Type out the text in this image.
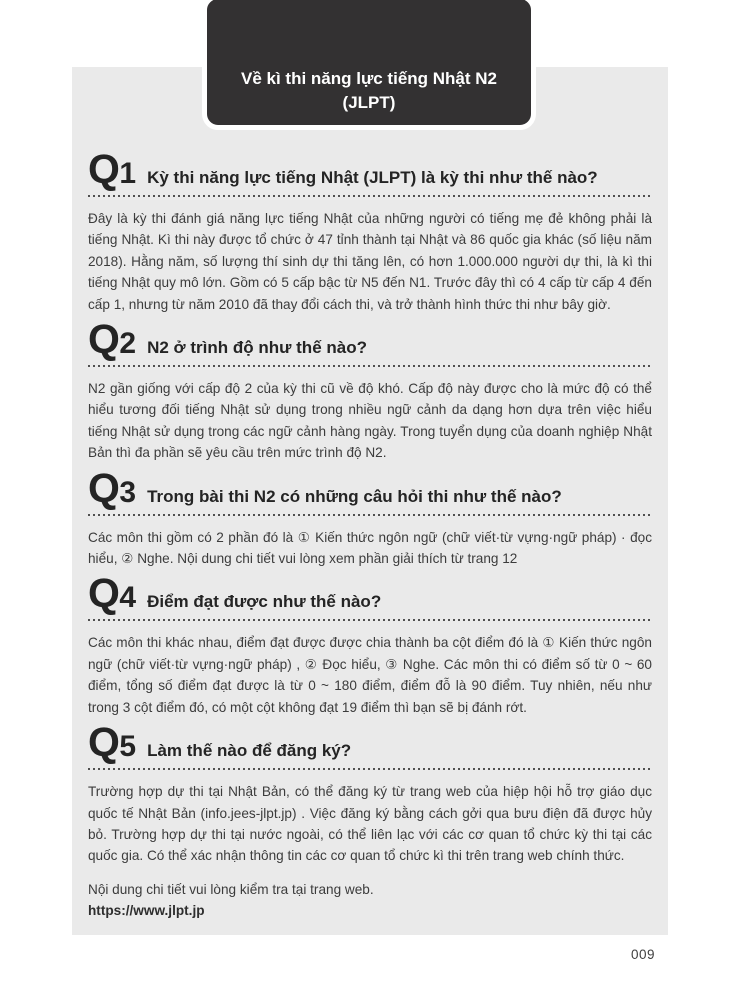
Q 1 Kỳ thi năng lực tiếng Nhật (JLPT) là kỳ thi như thế nào?

Đây là kỳ thi đánh giá năng lực tiếng Nhật của những người có tiếng mẹ đẻ không phải là tiếng Nhật. Kì thi này được tổ chức ở 47 tỉnh thành tại Nhật và 86 quốc gia khác (số liệu năm 2018). Hằng năm, số lượng thí sinh dự thi tăng lên, có hơn 1.000.000 người dự thi, là kì thi tiếng Nhật quy mô lớn. Gồm có 5 cấp bậc từ N5 đến N1. Trước đây thì có 4 cấp từ cấp 4 đến cấp 1, nhưng từ năm 2010 đã thay đổi cách thi, và trở thành hình thức thi như bây giờ.

Q 2 N2 ở trình độ như thế nào?

N2 gần giống với cấp độ 2 của kỳ thi cũ về độ khó. Cấp độ này được cho là mức độ có thể hiểu tương đối tiếng Nhật sử dụng trong nhiều ngữ cảnh da dạng hơn dựa trên việc hiểu tiếng Nhật sử dụng trong các ngữ cảnh hàng ngày. Trong tuyển dụng của doanh nghiệp Nhật Bản thì đa phần sẽ yêu cầu trên mức trình độ N2.

Q 3 Trong bài thi N2 có những câu hỏi thi như thế nào?

Các môn thi gồm có 2 phần đó là ① Kiến thức ngôn ngữ (chữ viết·từ vựng·ngữ pháp) · đọc hiểu, ② Nghe. Nội dung chi tiết vui lòng xem phần giải thích từ trang 12

Q 4 Điểm đạt được như thế nào?

Các môn thi khác nhau, điểm đạt được được chia thành ba cột điểm đó là ① Kiến thức ngôn ngữ (chữ viết·từ vựng·ngữ pháp) , ② Đọc hiểu, ③ Nghe. Các môn thi có điểm số từ 0 ~ 60 điểm, tổng số điểm đạt được là từ 0 ~ 180 điểm, điểm đỗ là 90 điểm. Tuy nhiên, nếu như trong 3 cột điểm đó, có một cột không đạt 19 điểm thì bạn sẽ bị đánh rớt.

Q 5 Làm thế nào để đăng ký?

Trường hợp dự thi tại Nhật Bản, có thể đăng ký từ trang web của hiệp hội hỗ trợ giáo dục quốc tế Nhật Bản (info.jees-jlpt.jp) . Việc đăng ký bằng cách gởi qua bưu điện đã được hủy bỏ. Trường hợp dự thi tại nước ngoài, có thể liên lạc với các cơ quan tổ chức kỳ thi tại các quốc gia. Có thể xác nhận thông tin các cơ quan tổ chức kì thi trên trang web chính thức.

Nội dung chi tiết vui lòng kiểm tra tại trang web.

https://www.jlpt.jp

Về kì thi năng lực tiếng Nhật N2
(JLPT)
009
